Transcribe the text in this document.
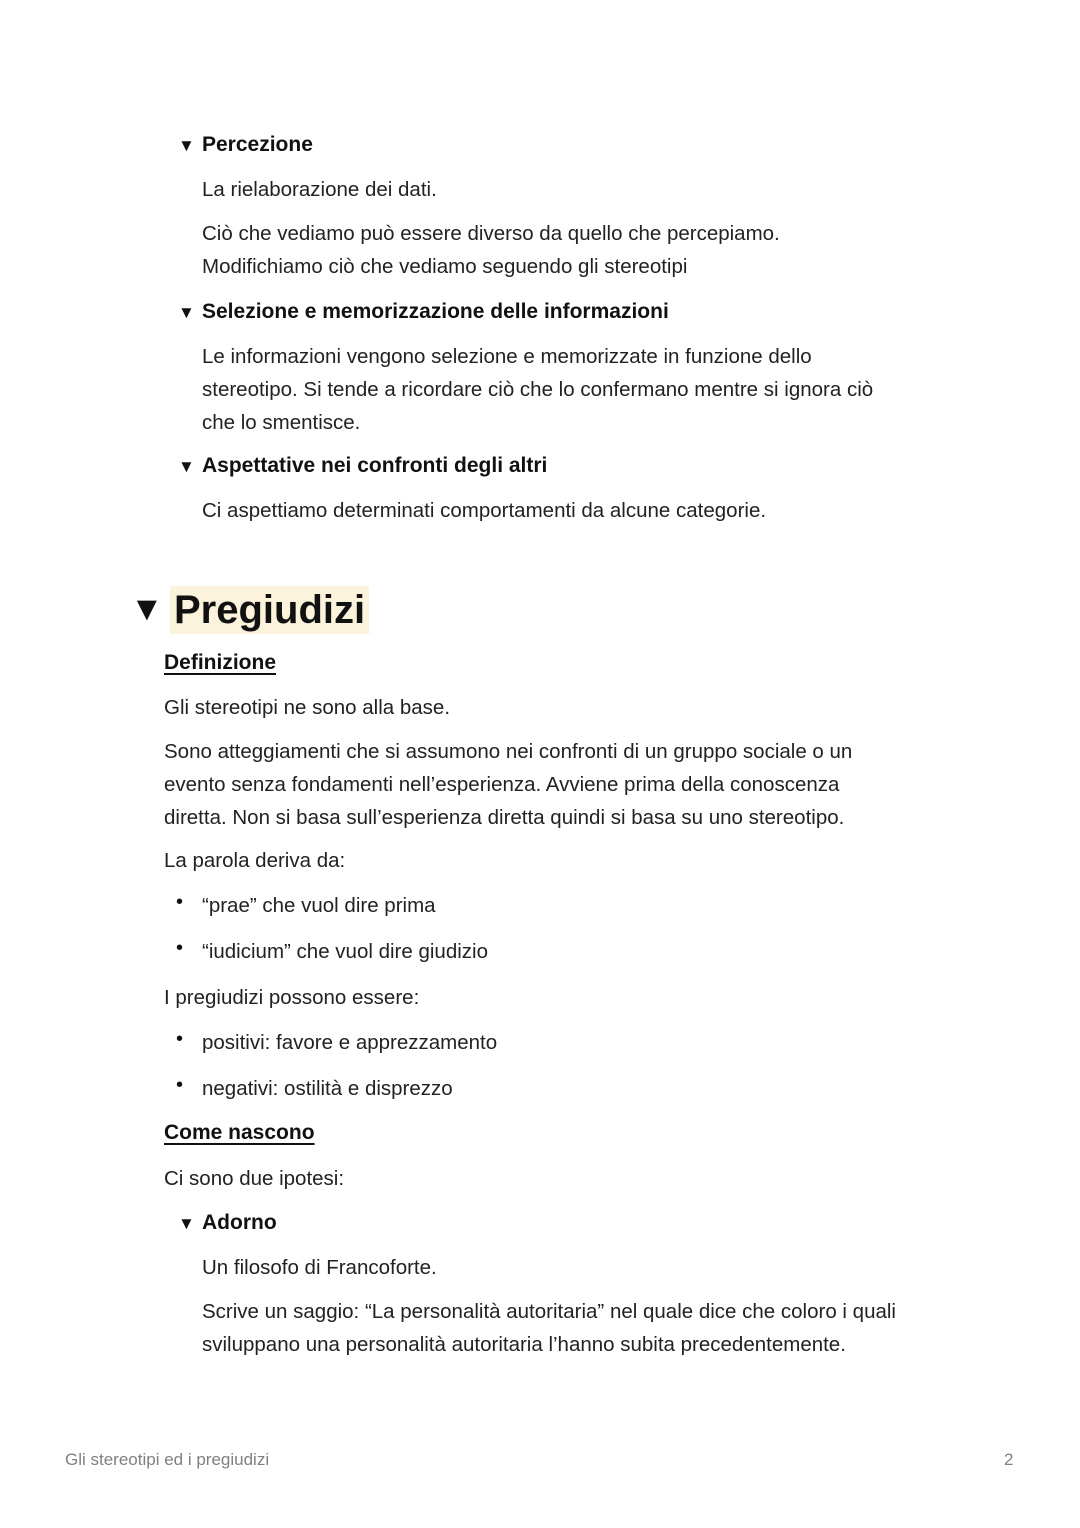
▼ Percezione
La rielaborazione dei dati.
Ciò che vediamo può essere diverso da quello che percepiamo.
Modifichiamo ciò che vediamo seguendo gli stereotipi
▼ Selezione e memorizzazione delle informazioni
Le informazioni vengono selezione e memorizzate in funzione dello
stereotipo. Si tende a ricordare ciò che lo confermano mentre si ignora ciò
che lo smentisce.
▼ Aspettative nei confronti degli altri
Ci aspettiamo determinati comportamenti da alcune categorie.
▼ Pregiudizi
Definizione
Gli stereotipi ne sono alla base.
Sono atteggiamenti che si assumono nei confronti di un gruppo sociale o un
evento senza fondamenti nell’esperienza. Avviene prima della conoscenza
diretta. Non si basa sull’esperienza diretta quindi si basa su uno stereotipo.
La parola deriva da:
• “prae” che vuol dire prima
• “iudicium” che vuol dire giudizio
I pregiudizi possono essere:
• positivi: favore e apprezzamento
• negativi: ostilità e disprezzo
Come nascono
Ci sono due ipotesi:
▼ Adorno
Un filosofo di Francoforte.
Scrive un saggio: “La personalità autoritaria” nel quale dice che coloro i quali
sviluppano una personalità autoritaria l’hanno subita precedentemente.
Gli stereotipi ed i pregiudizi	2
